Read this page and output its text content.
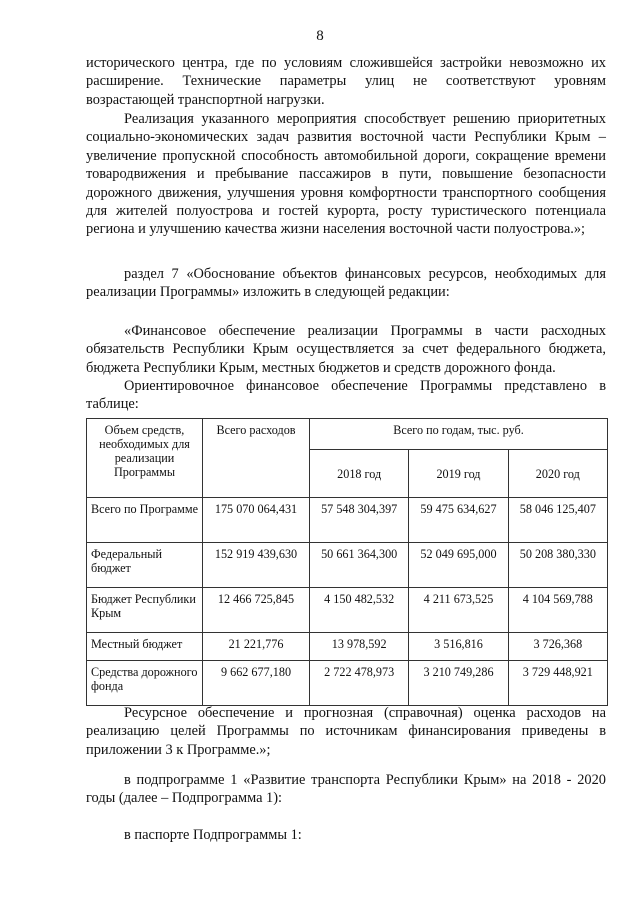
8

исторического центра, где по условиям сложившейся застройки невозможно их расширение. Технические параметры улиц не соответствуют уровням возрастающей транспортной нагрузки.

Реализация указанного мероприятия способствует решению приоритетных социально-экономических задач развития восточной части Республики Крым – увеличение пропускной способность автомобильной дороги, сокращение времени товародвижения и пребывание пассажиров в пути, повышение безопасности дорожного движения, улучшения уровня комфортности транспортного сообщения для жителей полуострова и гостей курорта, росту туристического потенциала региона и улучшению качества жизни населения восточной части полуострова.»;

раздел 7 «Обоснование объектов финансовых ресурсов, необходимых для реализации Программы» изложить в следующей редакции:

«Финансовое обеспечение реализации Программы в части расходных обязательств Республики Крым осуществляется за счет федерального бюджета, бюджета Республики Крым, местных бюджетов и средств дорожного фонда.

Ориентировочное финансовое обеспечение Программы представлено в таблице:

Объем средств, необходимых для реализации Программы	Всего расходов	Всего по годам, тыс. руб.		
		2018 год	2019 год	2020 год

Всего по Программе	175 070 064,431	57 548 304,397	59 475 634,627	58 046 125,407
Федеральный бюджет	152 919 439,630	50 661 364,300	52 049 695,000	50 208 380,330
Бюджет Республики Крым	12 466 725,845	4 150 482,532	4 211 673,525	4 104 569,788
Местный бюджет	21 221,776	13 978,592	3 516,816	3 726,368
Средства дорожного фонда	9 662 677,180	2 722 478,973	3 210 749,286	3 729 448,921

Ресурсное обеспечение и прогнозная (справочная) оценка расходов на реализацию целей Программы по источникам финансирования приведены в приложении 3 к Программе.»;

в подпрограмме 1 «Развитие транспорта Республики Крым» на 2018 - 2020 годы (далее – Подпрограмма 1):

в паспорте Подпрограммы 1:
